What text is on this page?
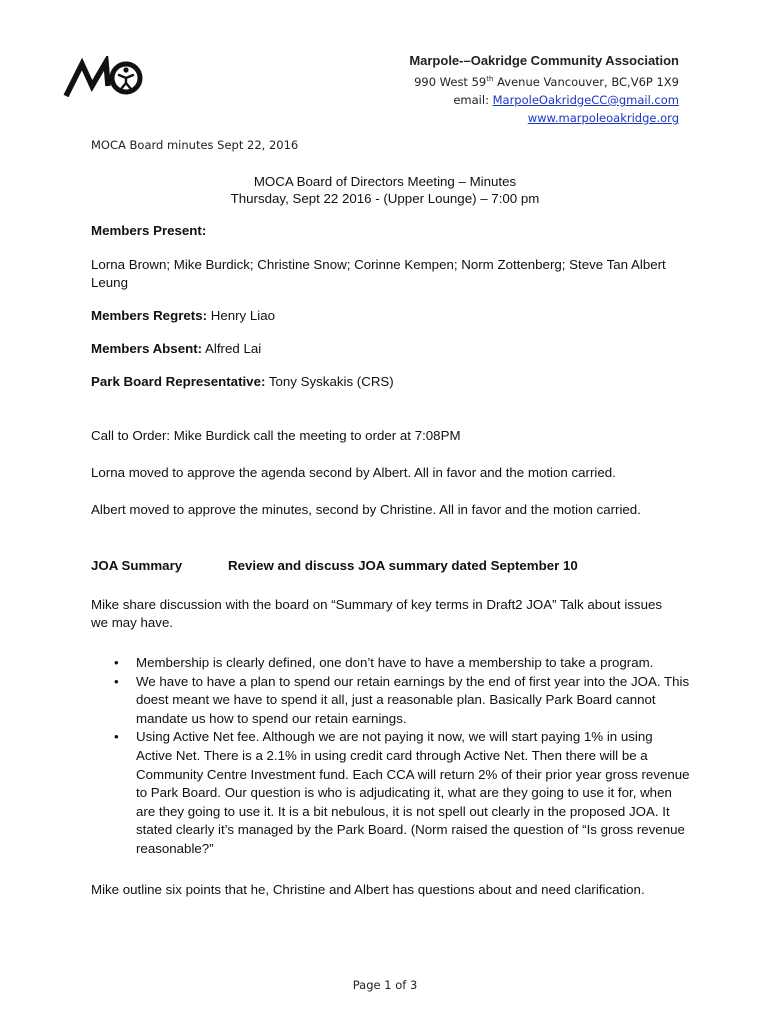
Marpole-–Oakridge Community Association
990 West 59th Avenue Vancouver, BC,V6P 1X9
email: MarpoleOakridgeCC@gmail.com
www.marpoleoakridge.org
MOCA Board minutes Sept 22, 2016
MOCA Board of Directors Meeting – Minutes
Thursday, Sept 22 2016 - (Upper Lounge) – 7:00 pm
Members Present:
Lorna Brown; Mike Burdick; Christine Snow; Corinne Kempen; Norm Zottenberg; Steve Tan Albert Leung
Members Regrets: Henry Liao
Members Absent: Alfred Lai
Park Board Representative: Tony Syskakis (CRS)
Call to Order: Mike Burdick call the meeting to order at 7:08PM
Lorna moved to approve the agenda second by Albert. All in favor and the motion carried.
Albert moved to approve the minutes, second by Christine. All in favor and the motion carried.
JOA Summary	Review and discuss JOA summary dated September 10
Mike share discussion with the board on “Summary of key terms in Draft2 JOA” Talk about issues we may have.
• Membership is clearly defined, one don’t have to have a membership to take a program.
• We have to have a plan to spend our retain earnings by the end of first year into the JOA. This doest meant we have to spend it all, just a reasonable plan. Basically Park Board cannot mandate us how to spend our retain earnings.
• Using Active Net fee. Although we are not paying it now, we will start paying 1% in using Active Net. There is a 2.1% in using credit card through Active Net. Then there will be a Community Centre Investment fund. Each CCA will return 2% of their prior year gross revenue to Park Board. Our question is who is adjudicating it, what are they going to use it for, when are they going to use it. It is a bit nebulous, it is not spell out clearly in the proposed JOA. It stated clearly it’s managed by the Park Board. (Norm raised the question of “Is gross revenue reasonable?”
Mike outline six points that he, Christine and Albert has questions about and need clarification.
Page 1 of 3
